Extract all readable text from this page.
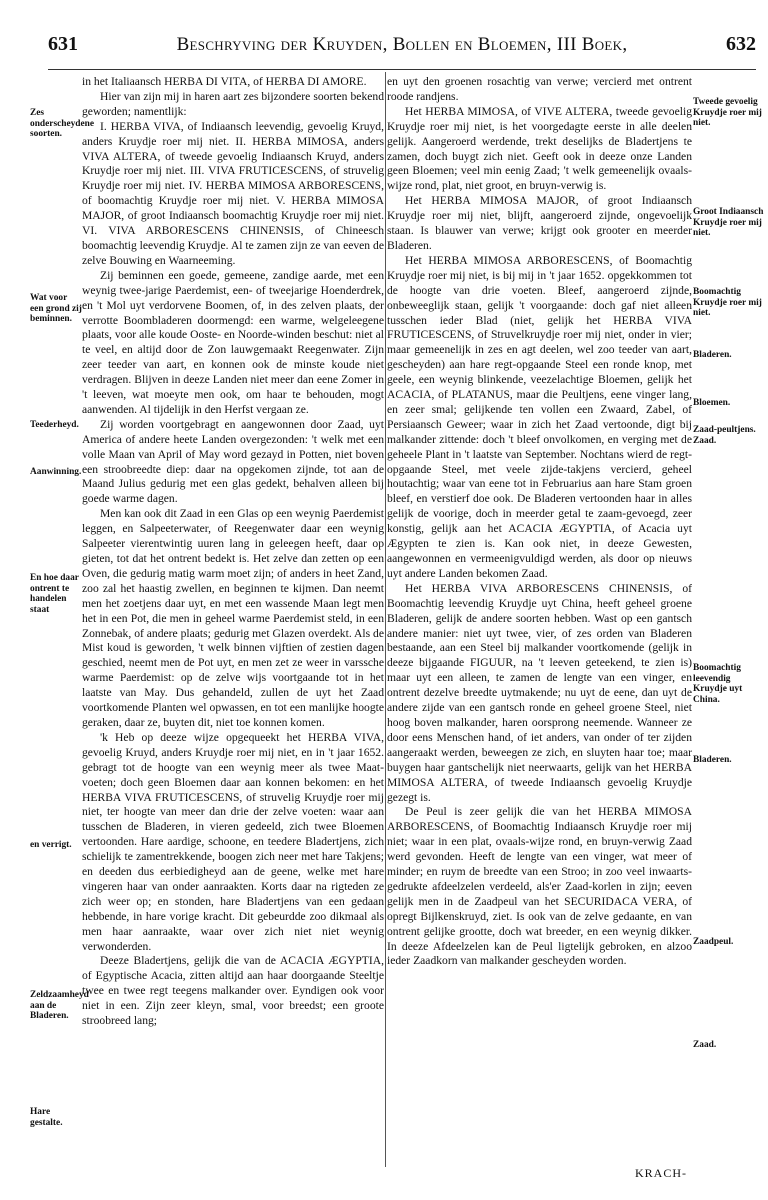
631	Beschryving der Kruyden, Bollen en Bloemen, III Boek,	632

in het Italiaansch HERBA DI VITA, of HERBA DI AMORE.

Hier van zijn mij in haren aart zes bijzondere soorten bekend geworden; namentlijk:

I. HERBA VIVA, of Indiaansch leevendig, gevoelig Kruyd, anders Kruydje roer mij niet. II. HERBA MIMOSA, anders VIVA ALTERA, of tweede gevoelig Indiaansch Kruyd, anders Kruydje roer mij niet. III. VIVA FRUTICESCENS, of struvelig Kruydje roer mij niet. IV. HERBA MIMOSA ARBORESCENS, of boomachtig Kruydje roer mij niet. V. HERBA MIMOSA MAJOR, of groot Indiaansch boomachtig Kruydje roer mij niet. VI. VIVA ARBORESCENS CHINENSIS, of Chineesch boomachtig leevendig Kruydje. Al te zamen zijn ze van eeven de zelve Bouwing en Waarneeming.

Zij beminnen een goede, gemeene, zandige aarde, met een weynig twee-jarige Paerdemist, een- of tweejarige Hoenderdrek, en 't Mol uyt verdorvene Boomen, of, in des zelven plaats, der verrotte Boombladeren doormengd: een warme, welgeleegene plaats, voor alle koude Ooste- en Noorde-winden beschut: niet al te veel, en altijd door de Zon lauwgemaakt Reegenwater. Zijn zeer teeder van aart, en konnen ook de minste koude niet verdragen. Blijven in deeze Landen niet meer dan eene Zomer in 't leeven, wat moeyte men ook, om haar te behouden, mogt aanwenden. Al tijdelijk in den Herfst vergaan ze.

Zij worden voortgebragt en aangewonnen door Zaad, uyt America of andere heete Landen overgezonden: 't welk met een volle Maan van April of May word gezayd in Potten, niet boven een stroobreedte diep: daar na opgekomen zijnde, tot aan de Maand Julius gedurig met een glas gedekt, behalven alleen bij goede warme dagen.

Men kan ook dit Zaad in een Glas op een weynig Paerdemist leggen, en Salpeeterwater, of Reegenwater daar een weynig Salpeeter vierentwintig uuren lang in geleegen heeft, daar op gieten, tot dat het ontrent bedekt is. Het zelve dan zetten op een Oven, die gedurig matig warm moet zijn; of anders in heet Zand, zoo zal het haastig zwellen, en beginnen te kijmen. Dan neemt men het zoetjens daar uyt, en met een wassende Maan legt men het in een Pot, die men in geheel warme Paerdemist steld, in een Zonnebak, of andere plaats; gedurig met Glazen overdekt. Als de Mist koud is geworden, 't welk binnen vijftien of zestien dagen geschied, neemt men de Pot uyt, en men zet ze weer in varssche warme Paerdemist: op de zelve wijs voortgaande tot in het laatste van May. Dus gehandeld, zullen de uyt het Zaad voortkomende Planten wel opwassen, en tot een manlijke hoogte geraken, daar ze, buyten dit, niet toe konnen komen.

'k Heb op deeze wijze opgequeekt het HERBA VIVA, gevoelig Kruyd, anders Kruydje roer mij niet, en in 't jaar 1652. gebragt tot de hoogte van een weynig meer als twee Maat-voeten; doch geen Bloemen daar aan konnen bekomen: en het HERBA VIVA FRUTICESCENS, of struvelig Kruydje roer mij niet, ter hoogte van meer dan drie der zelve voeten: waar aan tusschen de Bladeren, in vieren gedeeld, zich twee Bloemen vertoonden. Hare aardige, schoone, en teedere Bladertjens, zich schielijk te zamentrekkende, boogen zich neer met hare Takjens; en deeden dus eerbiedigheyd aan de geene, welke met hare vingeren haar van onder aanraakten. Korts daar na rigteden ze zich weer op; en stonden, hare Bladertjens van een gedaan hebbende, in hare vorige kracht. Dit gebeurdde zoo dikmaal als men haar aanraakte, waar over zich niet niet weynig verwonderden.

Deeze Bladertjens, gelijk die van de ACACIA ÆGYPTIA, of Egyptische Acacia, zitten altijd aan haar doorgaande Steeltje twee en twee regt teegens malkander over. Eyndigen ook voor niet in een. Zijn zeer kleyn, smal, voor breedst; een groote stroobreed lang;

en uyt den groenen rosachtig van verwe; vercierd met ontrent roode randjens.

Het HERBA MIMOSA, of VIVE ALTERA, tweede gevoelig Kruydje roer mij niet, is het voorgedagte eerste in alle deelen gelijk. Aangeroerd werdende, trekt deselijks de Bladertjens te zamen, doch buygt zich niet. Geeft ook in deeze onze Landen geen Bloemen; veel min eenig Zaad; 't welk gemeenelijk ovaals-wijze rond, plat, niet groot, en bruyn-verwig is.

Het HERBA MIMOSA MAJOR, of groot Indiaansch Kruydje roer mij niet, blijft, aangeroerd zijnde, ongevoelijk staan. Is blauwer van verwe; krijgt ook grooter en meerder Bladeren.

Het HERBA MIMOSA ARBORESCENS, of Boomachtig Kruydje roer mij niet, is bij mij in 't jaar 1652. opgekkommen tot de hoogte van drie voeten. Bleef, aangeroerd zijnde, onbeweeglijk staan, gelijk 't voorgaande: doch gaf niet alleen tusschen ieder Blad (niet, gelijk het HERBA VIVA FRUTICESCENS, of Struvelkruydje roer mij niet, onder in vier; maar gemeenelijk in zes en agt deelen, wel zoo teeder van aart, gescheyden) aan hare regt-opgaande Steel een ronde knop, met geele, een weynig blinkende, veezelachtige Bloemen, gelijk het ACACIA, of PLATANUS, maar die Peultjens, eene vinger lang, en zeer smal; gelijkende ten vollen een Zwaard, Zabel, of Persiaansch Geweer; waar in zich het Zaad vertoonde, digt bij malkander zittende: doch 't bleef onvolkomen, en verging met de geheele Plant in 't laatste van September. Nochtans wierd de regt-opgaande Steel, met veele zijde-takjens vercierd, geheel houtachtig; waar van eene tot in Februarius aan hare Stam groen bleef, en verstierf doe ook. De Bladeren vertoonden haar in alles gelijk de voorige, doch in meerder getal te zaam-gevoegd, zeer konstig, gelijk aan het ACACIA ÆGYPTIA, of Acacia uyt Ægypten te zien is. Kan ook niet, in deeze Gewesten, aangewonnen en vermeenigvuldigd werden, als door op nieuws uyt andere Landen bekomen Zaad.

Het HERBA VIVA ARBORESCENS CHINENSIS, of Boomachtig leevendig Kruydje uyt China, heeft geheel groene Bladeren, gelijk de andere soorten hebben. Wast op een gantsch andere manier: niet uyt twee, vier, of zes orden van Bladeren bestaande, aan een Steel bij malkander voortkomende (gelijk in deeze bijgaande FIGUUR, na 't leeven geteekend, te zien is) maar uyt een alleen, te zamen de lengte van een vinger, en ontrent dezelve breedte uytmakende; nu uyt de eene, dan uyt de andere zijde van een gantsch ronde en geheel groene Steel, niet hoog boven malkander, haren oorsprong neemende. Wanneer ze door eens Menschen hand, of iet anders, van onder of ter zijden aangeraakt werden, beweegen ze zich, en sluyten haar toe; maar buygen haar gantschelijk niet neerwaarts, gelijk van het HERBA MIMOSA ALTERA, of tweede Indiaansch gevoelig Kruydje gezegt is.

De Peul is zeer gelijk die van het HERBA MIMOSA ARBORESCENS, of Boomachtig Indiaansch Kruydje roer mij niet; waar in een plat, ovaals-wijze rond, en bruyn-verwig Zaad werd gevonden. Heeft de lengte van een vinger, wat meer of minder; en ruym de breedte van een Stroo; in zoo veel inwaarts-gedrukte afdeelzelen verdeeld, als'er Zaad-korlen in zijn; eeven gelijk men in de Zaadpeul van het SECURIDACA VERA, of opregt Bijlkenskruyd, ziet. Is ook van de zelve gedaante, en van ontrent gelijke grootte, doch wat breeder, en een weynig dikker. In deeze Afdeelzelen kan de Peul ligtelijk gebroken, en alzoo ieder Zaadkorn van malkander gescheyden worden.

Zes onderscheydene soorten.
Wat voor een grond zij beminnen.
Teederheyd.
Aanwinning.
En hoe daar ontrent te handelen staat
en verrigt.
Zeldzaamheyd aan de Bladeren.
Hare gestalte.
Tweede gevoelig Kruydje roer mij niet.
Groot Indiaansch Kruydje roer mij niet.
Boomachtig Kruydje roer mij niet.
Bladeren.
Bloemen.
Zaad-peultjens. Zaad.
Boomachtig leevendig Kruydje uyt China.
Bladeren.
Zaadpeul.
Zaad.
KRACH-
